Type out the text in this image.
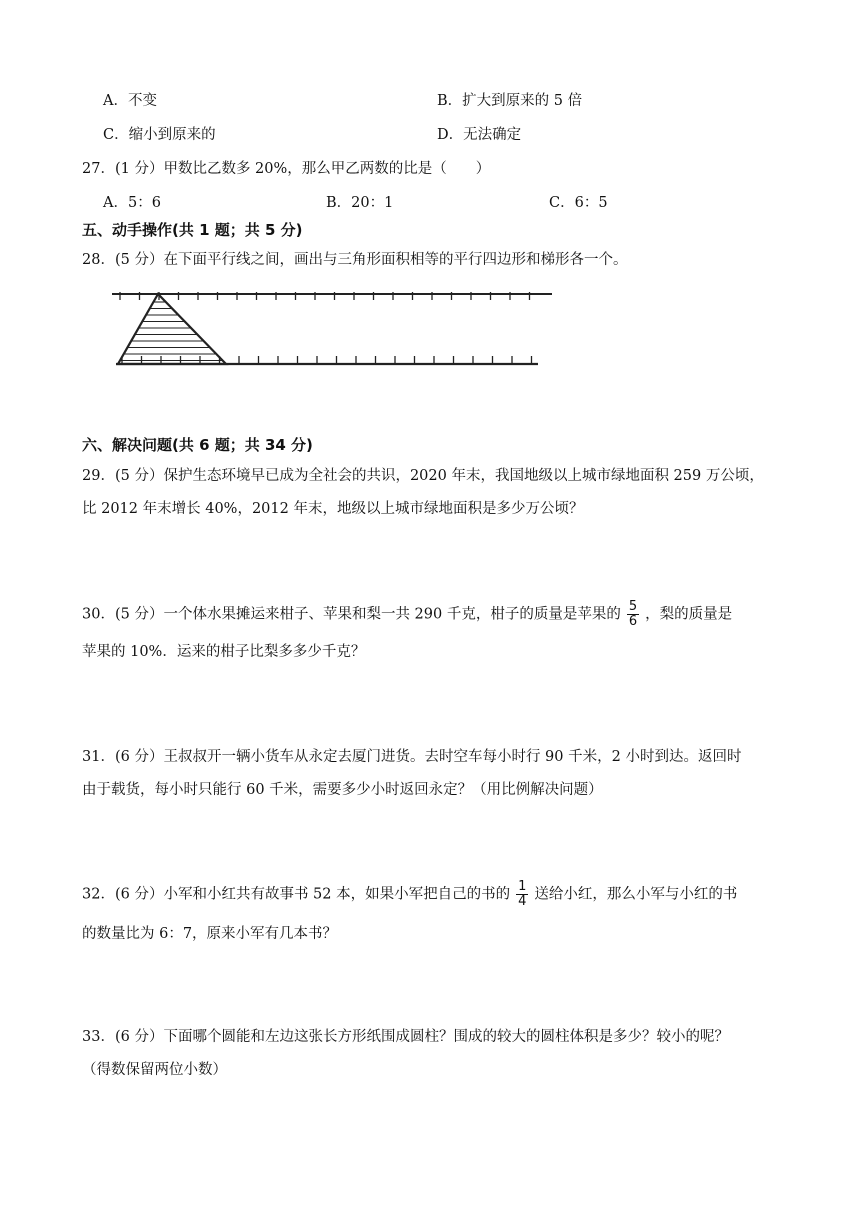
A．不变	B．扩大到原来的 5 倍
C．缩小到原来的	D．无法确定
27．(1 分）甲数比乙数多 20%，那么甲乙两数的比是（　　）
A．5：6	B．20：1	C．6：5
五、动手操作(共 1 题；共 5 分)
28．(5 分）在下面平行线之间，画出与三角形面积相等的平行四边形和梯形各一个。
六、解决问题(共 6 题；共 34 分)
29．(5 分）保护生态环境早已成为全社会的共识，2020 年末，我国地级以上城市绿地面积 259 万公顷，
比 2012 年末增长 40%，2012 年末，地级以上城市绿地面积是多少万公顷？
30．(5 分）一个体水果摊运来柑子、苹果和梨一共 290 千克，柑子的质量是苹果的 $\frac{5}{6}$ ，梨的质量是
苹果的 10%．运来的柑子比梨多多少千克？
31．(6 分）王叔叔开一辆小货车从永定去厦门进货。去时空车每小时行 90 千米，2 小时到达。返回时
由于载货，每小时只能行 60 千米，需要多少小时返回永定？（用比例解决问题）
32．(6 分）小军和小红共有故事书 52 本，如果小军把自己的书的 $\frac{1}{4}$ 送给小红，那么小军与小红的书
的数量比为 6：7，原来小军有几本书？
33．(6 分）下面哪个圆能和左边这张长方形纸围成圆柱？围成的较大的圆柱体积是多少？较小的呢？
（得数保留两位小数）
